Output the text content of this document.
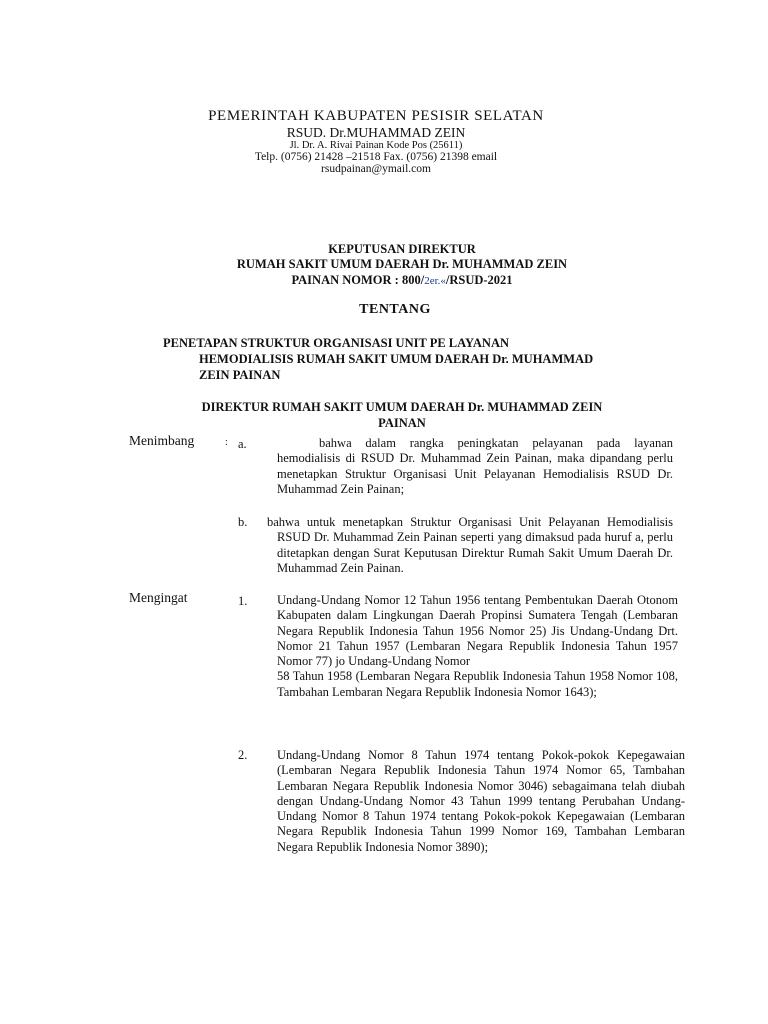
PEMERINTAH KABUPATEN PESISIR SELATAN
RSUD. Dr.MUHAMMAD ZEIN
Jl. Dr. A. Rivai Painan Kode Pos (25611)
Telp. (0756) 21428 –21518 Fax. (0756) 21398 email
rsudpainan@ymail.com
KEPUTUSAN DIREKTUR
RUMAH SAKIT UMUM DAERAH Dr. MUHAMMAD ZEIN
PAINAN NOMOR : 800/2er.«/RSUD-2021
TENTANG
PENETAPAN STRUKTUR ORGANISASI UNIT PE LAYANAN
HEMODIALISIS RUMAH SAKIT UMUM DAERAH Dr. MUHAMMAD
ZEIN PAINAN
DIREKTUR RUMAH SAKIT UMUM DAERAH Dr. MUHAMMAD ZEIN
PAINAN
Menimbang	: a.	bahwa dalam rangka peningkatan pelayanan pada layanan hemodialisis di RSUD Dr. Muhammad Zein Painan, maka dipandang perlu menetapkan Struktur Organisasi Unit Pelayanan Hemodialisis RSUD Dr. Muhammad Zein Painan;
b. bahwa untuk menetapkan Struktur Organisasi Unit Pelayanan Hemodialisis RSUD Dr. Muhammad Zein Painan seperti yang dimaksud pada huruf a, perlu ditetapkan dengan Surat Keputusan Direktur Rumah Sakit Umum Daerah Dr. Muhammad Zein Painan.
Mengingat	1. Undang-Undang Nomor 12 Tahun 1956 tentang Pembentukan Daerah Otonom Kabupaten dalam Lingkungan Daerah Propinsi Sumatera Tengah (Lembaran Negara Republik Indonesia Tahun 1956 Nomor 25) Jis Undang-Undang Drt. Nomor 21 Tahun 1957 (Lembaran Negara Republik Indonesia Tahun 1957 Nomor 77) jo Undang-Undang Nomor
58 Tahun 1958 (Lembaran Negara Republik Indonesia Tahun 1958 Nomor 108, Tambahan Lembaran Negara Republik Indonesia Nomor 1643);
2. Undang-Undang Nomor 8 Tahun 1974 tentang Pokok-pokok Kepegawaian (Lembaran Negara Republik Indonesia Tahun 1974 Nomor 65, Tambahan Lembaran Negara Republik Indonesia Nomor 3046) sebagaimana telah diubah dengan Undang-Undang Nomor 43 Tahun 1999 tentang Perubahan Undang-Undang Nomor 8 Tahun 1974 tentang Pokok-pokok Kepegawaian (Lembaran Negara Republik Indonesia Tahun 1999 Nomor 169, Tambahan Lembaran Negara Republik Indonesia Nomor 3890);
